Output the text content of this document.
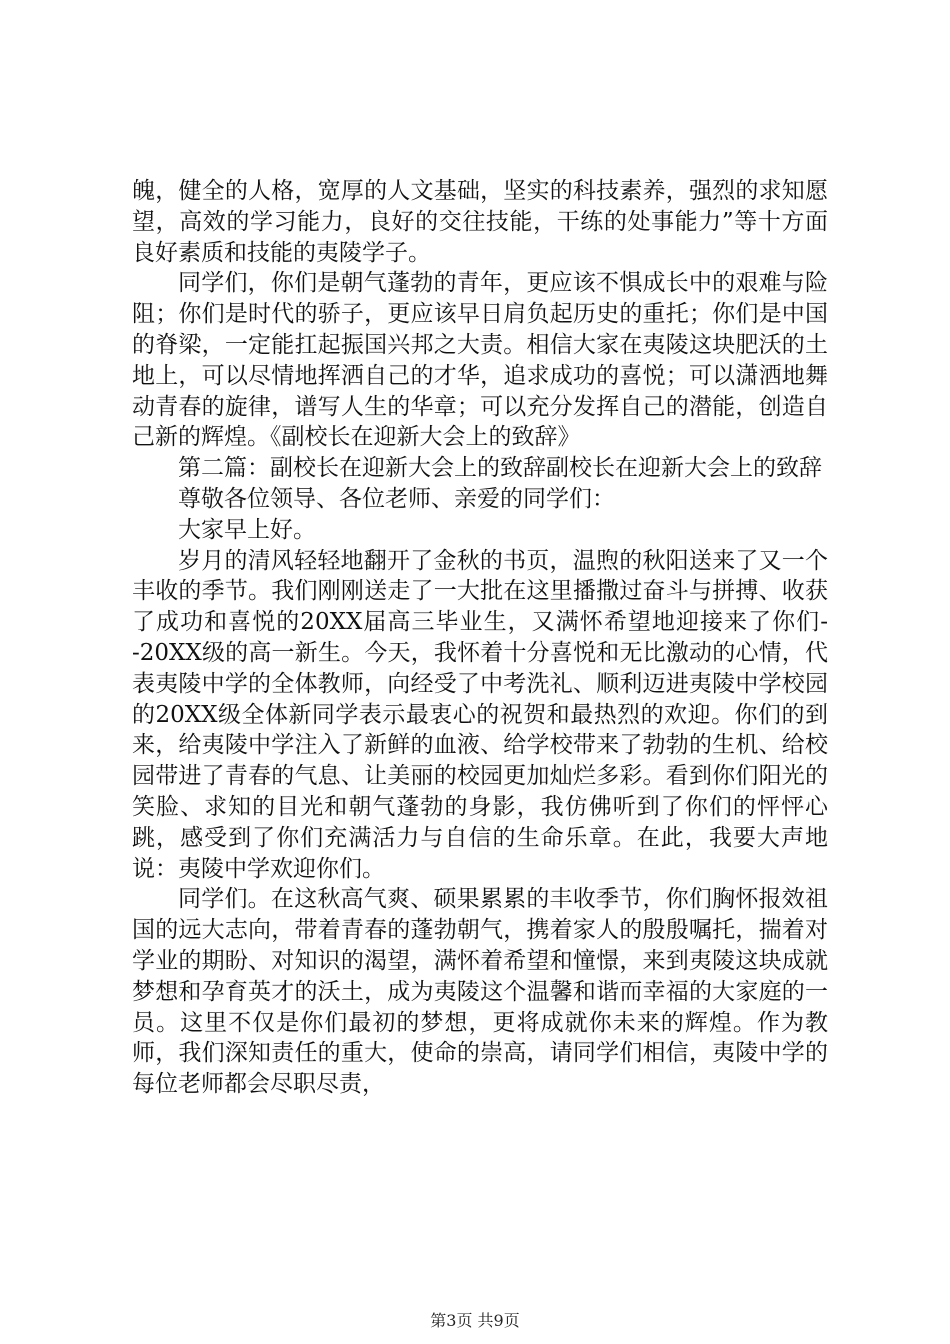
魄，健全的人格，宽厚的人文基础，坚实的科技素养，强烈的求知愿望，高效的学习能力，良好的交往技能，干练的处事能力”等十方面良好素质和技能的夷陵学子。

同学们，你们是朝气蓬勃的青年，更应该不惧成长中的艰难与险阻；你们是时代的骄子，更应该早日肩负起历史的重托；你们是中国的脊梁，一定能扛起振国兴邦之大责。相信大家在夷陵这块肥沃的土地上，可以尽情地挥洒自己的才华，追求成功的喜悦；可以潇洒地舞动青春的旋律，谱写人生的华章；可以充分发挥自己的潜能，创造自己新的辉煌。《副校长在迎新大会上的致辞》

第二篇：副校长在迎新大会上的致辞副校长在迎新大会上的致辞

尊敬各位领导、各位老师、亲爱的同学们：

大家早上好。

岁月的清风轻轻地翻开了金秋的书页，温煦的秋阳送来了又一个丰收的季节。我们刚刚送走了一大批在这里播撒过奋斗与拼搏、收获了成功和喜悦的20XX届高三毕业生，又满怀希望地迎接来了你们--20XX级的高一新生。今天，我怀着十分喜悦和无比激动的心情，代表夷陵中学的全体教师，向经受了中考洗礼、顺利迈进夷陵中学校园的20XX级全体新同学表示最衷心的祝贺和最热烈的欢迎。你们的到来，给夷陵中学注入了新鲜的血液、给学校带来了勃勃的生机、给校园带进了青春的气息、让美丽的校园更加灿烂多彩。看到你们阳光的笑脸、求知的目光和朝气蓬勃的身影，我仿佛听到了你们的怦怦心跳，感受到了你们充满活力与自信的生命乐章。在此，我要大声地说：夷陵中学欢迎你们。

同学们。在这秋高气爽、硕果累累的丰收季节，你们胸怀报效祖国的远大志向，带着青春的蓬勃朝气，携着家人的殷殷嘱托，揣着对学业的期盼、对知识的渴望，满怀着希望和憧憬，来到夷陵这块成就梦想和孕育英才的沃土，成为夷陵这个温馨和谐而幸福的大家庭的一员。这里不仅是你们最初的梦想，更将成就你未来的辉煌。作为教师，我们深知责任的重大，使命的崇高，请同学们相信，夷陵中学的每位老师都会尽职尽责，

第3页 共9页
